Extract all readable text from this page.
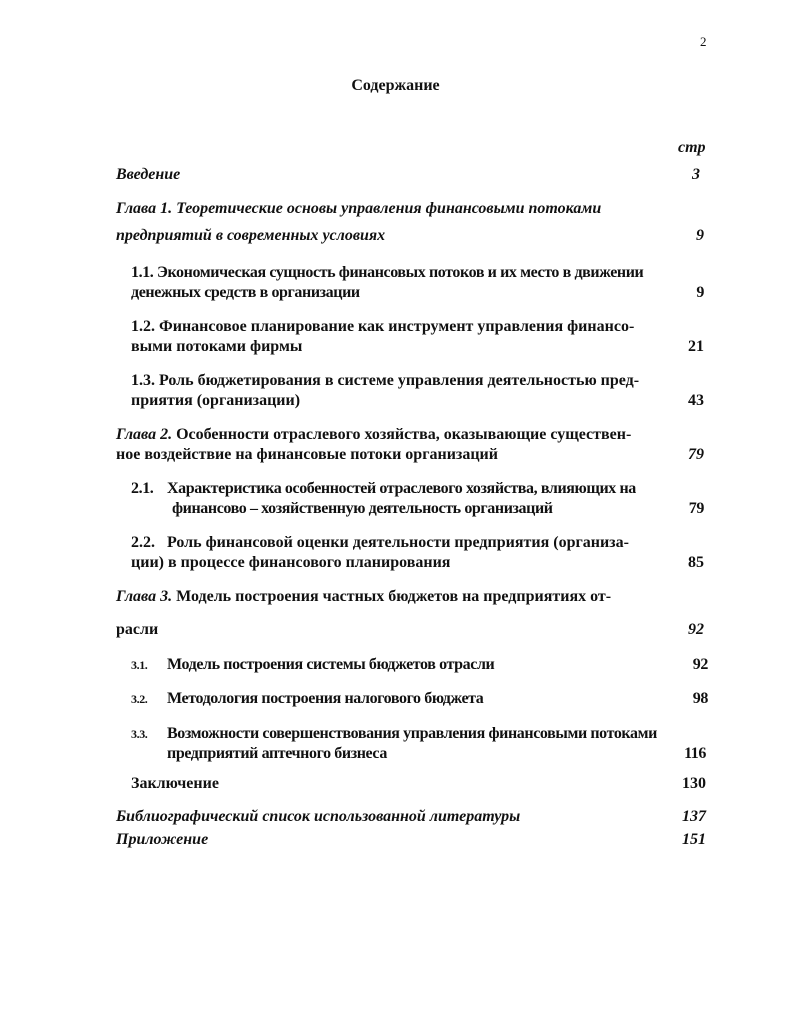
2
Содержание
стр
Введение	3
Глава 1. Теоретические основы управления финансовыми потоками
предприятий в современных условиях	9
1.1. Экономическая сущность финансовых потоков и их место в движении
денежных средств в организации	9
1.2. Финансовое планирование как инструмент управления финансо-
выми потоками фирмы	21
1.3. Роль бюджетирования в системе управления деятельностью пред-
приятия (организации)	43
Глава 2. Особенности отраслевого хозяйства, оказывающие существен-
ное воздействие на финансовые потоки организаций	79
2.1. Характеристика особенностей отраслевого хозяйства, влияющих на
финансово – хозяйственную деятельность организаций	79
2.2. Роль финансовой оценки деятельности предприятия (организа-
ции) в процессе финансового планирования	85
Глава 3. Модель построения частных бюджетов на предприятиях от-
расли	92
3.1. Модель построения системы бюджетов отрасли	92
3.2. Методология построения налогового бюджета	98
3.3. Возможности совершенствования управления финансовыми потоками
предприятий аптечного бизнеса	116
Заключение	130
Библиографический список использованной литературы	137
Приложение	151
